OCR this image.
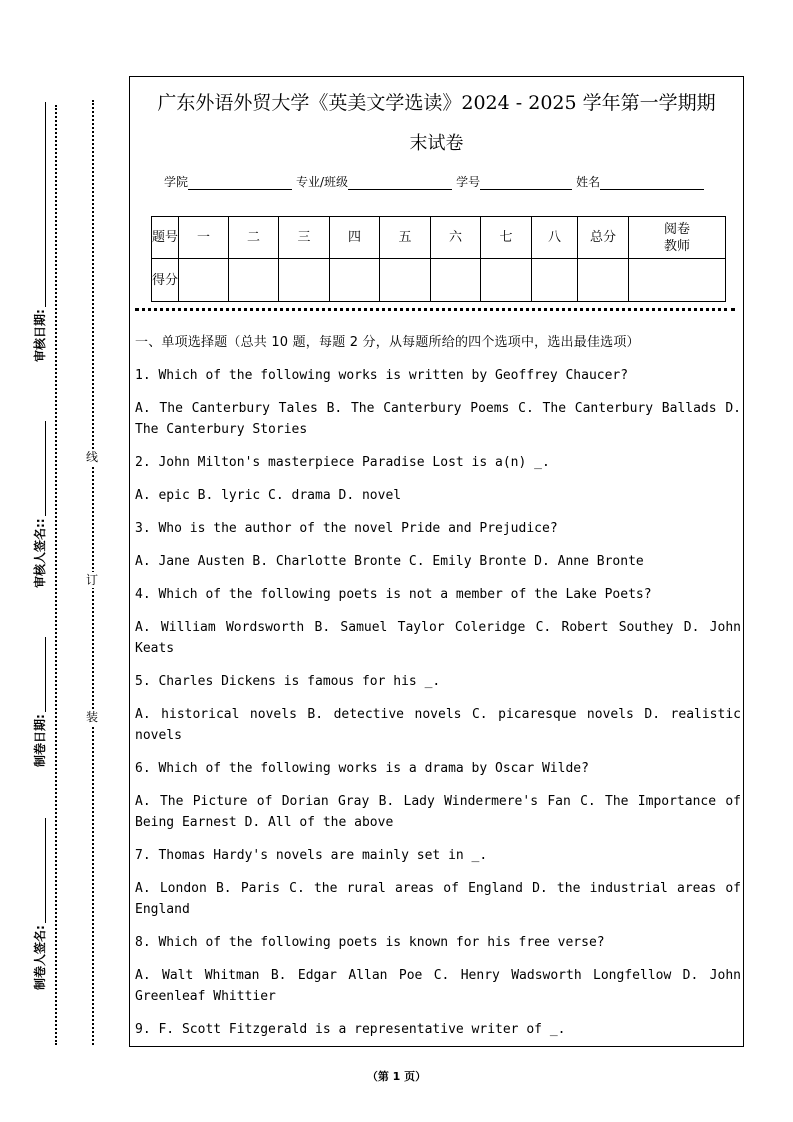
制卷人签名:
制卷日期:
审核人签名::
审核日期:
装
订
线
广东外语外贸大学《英美文学选读》2024 - 2025 学年第一学期期
末试卷
学院	专业/班级	学号	姓名
题号	一	二	三	四	五	六	七	八	总分	阅卷教师
得分										

一、单项选择题（总共 10 题，每题 2 分，从每题所给的四个选项中，选出最佳选项）

1. Which of the following works is written by Geoffrey Chaucer?

A. The Canterbury Tales B. The Canterbury Poems C. The Canterbury Ballads D. The Canterbury Stories

2. John Milton's masterpiece Paradise Lost is a(n) _.

A. epic B. lyric C. drama D. novel

3. Who is the author of the novel Pride and Prejudice?

A. Jane Austen B. Charlotte Bronte C. Emily Bronte D. Anne Bronte

4. Which of the following poets is not a member of the Lake Poets?

A. William Wordsworth B. Samuel Taylor Coleridge C. Robert Southey D. John Keats

5. Charles Dickens is famous for his _.

A. historical novels B. detective novels C. picaresque novels D. realistic novels

6. Which of the following works is a drama by Oscar Wilde?

A. The Picture of Dorian Gray B. Lady Windermere's Fan C. The Importance of Being Earnest D. All of the above

7. Thomas Hardy's novels are mainly set in _.

A. London B. Paris C. the rural areas of England D. the industrial areas of England

8. Which of the following poets is known for his free verse?

A. Walt Whitman B. Edgar Allan Poe C. Henry Wadsworth Longfellow D. John Greenleaf Whittier

9. F. Scott Fitzgerald is a representative writer of _.

（第 1 页）
